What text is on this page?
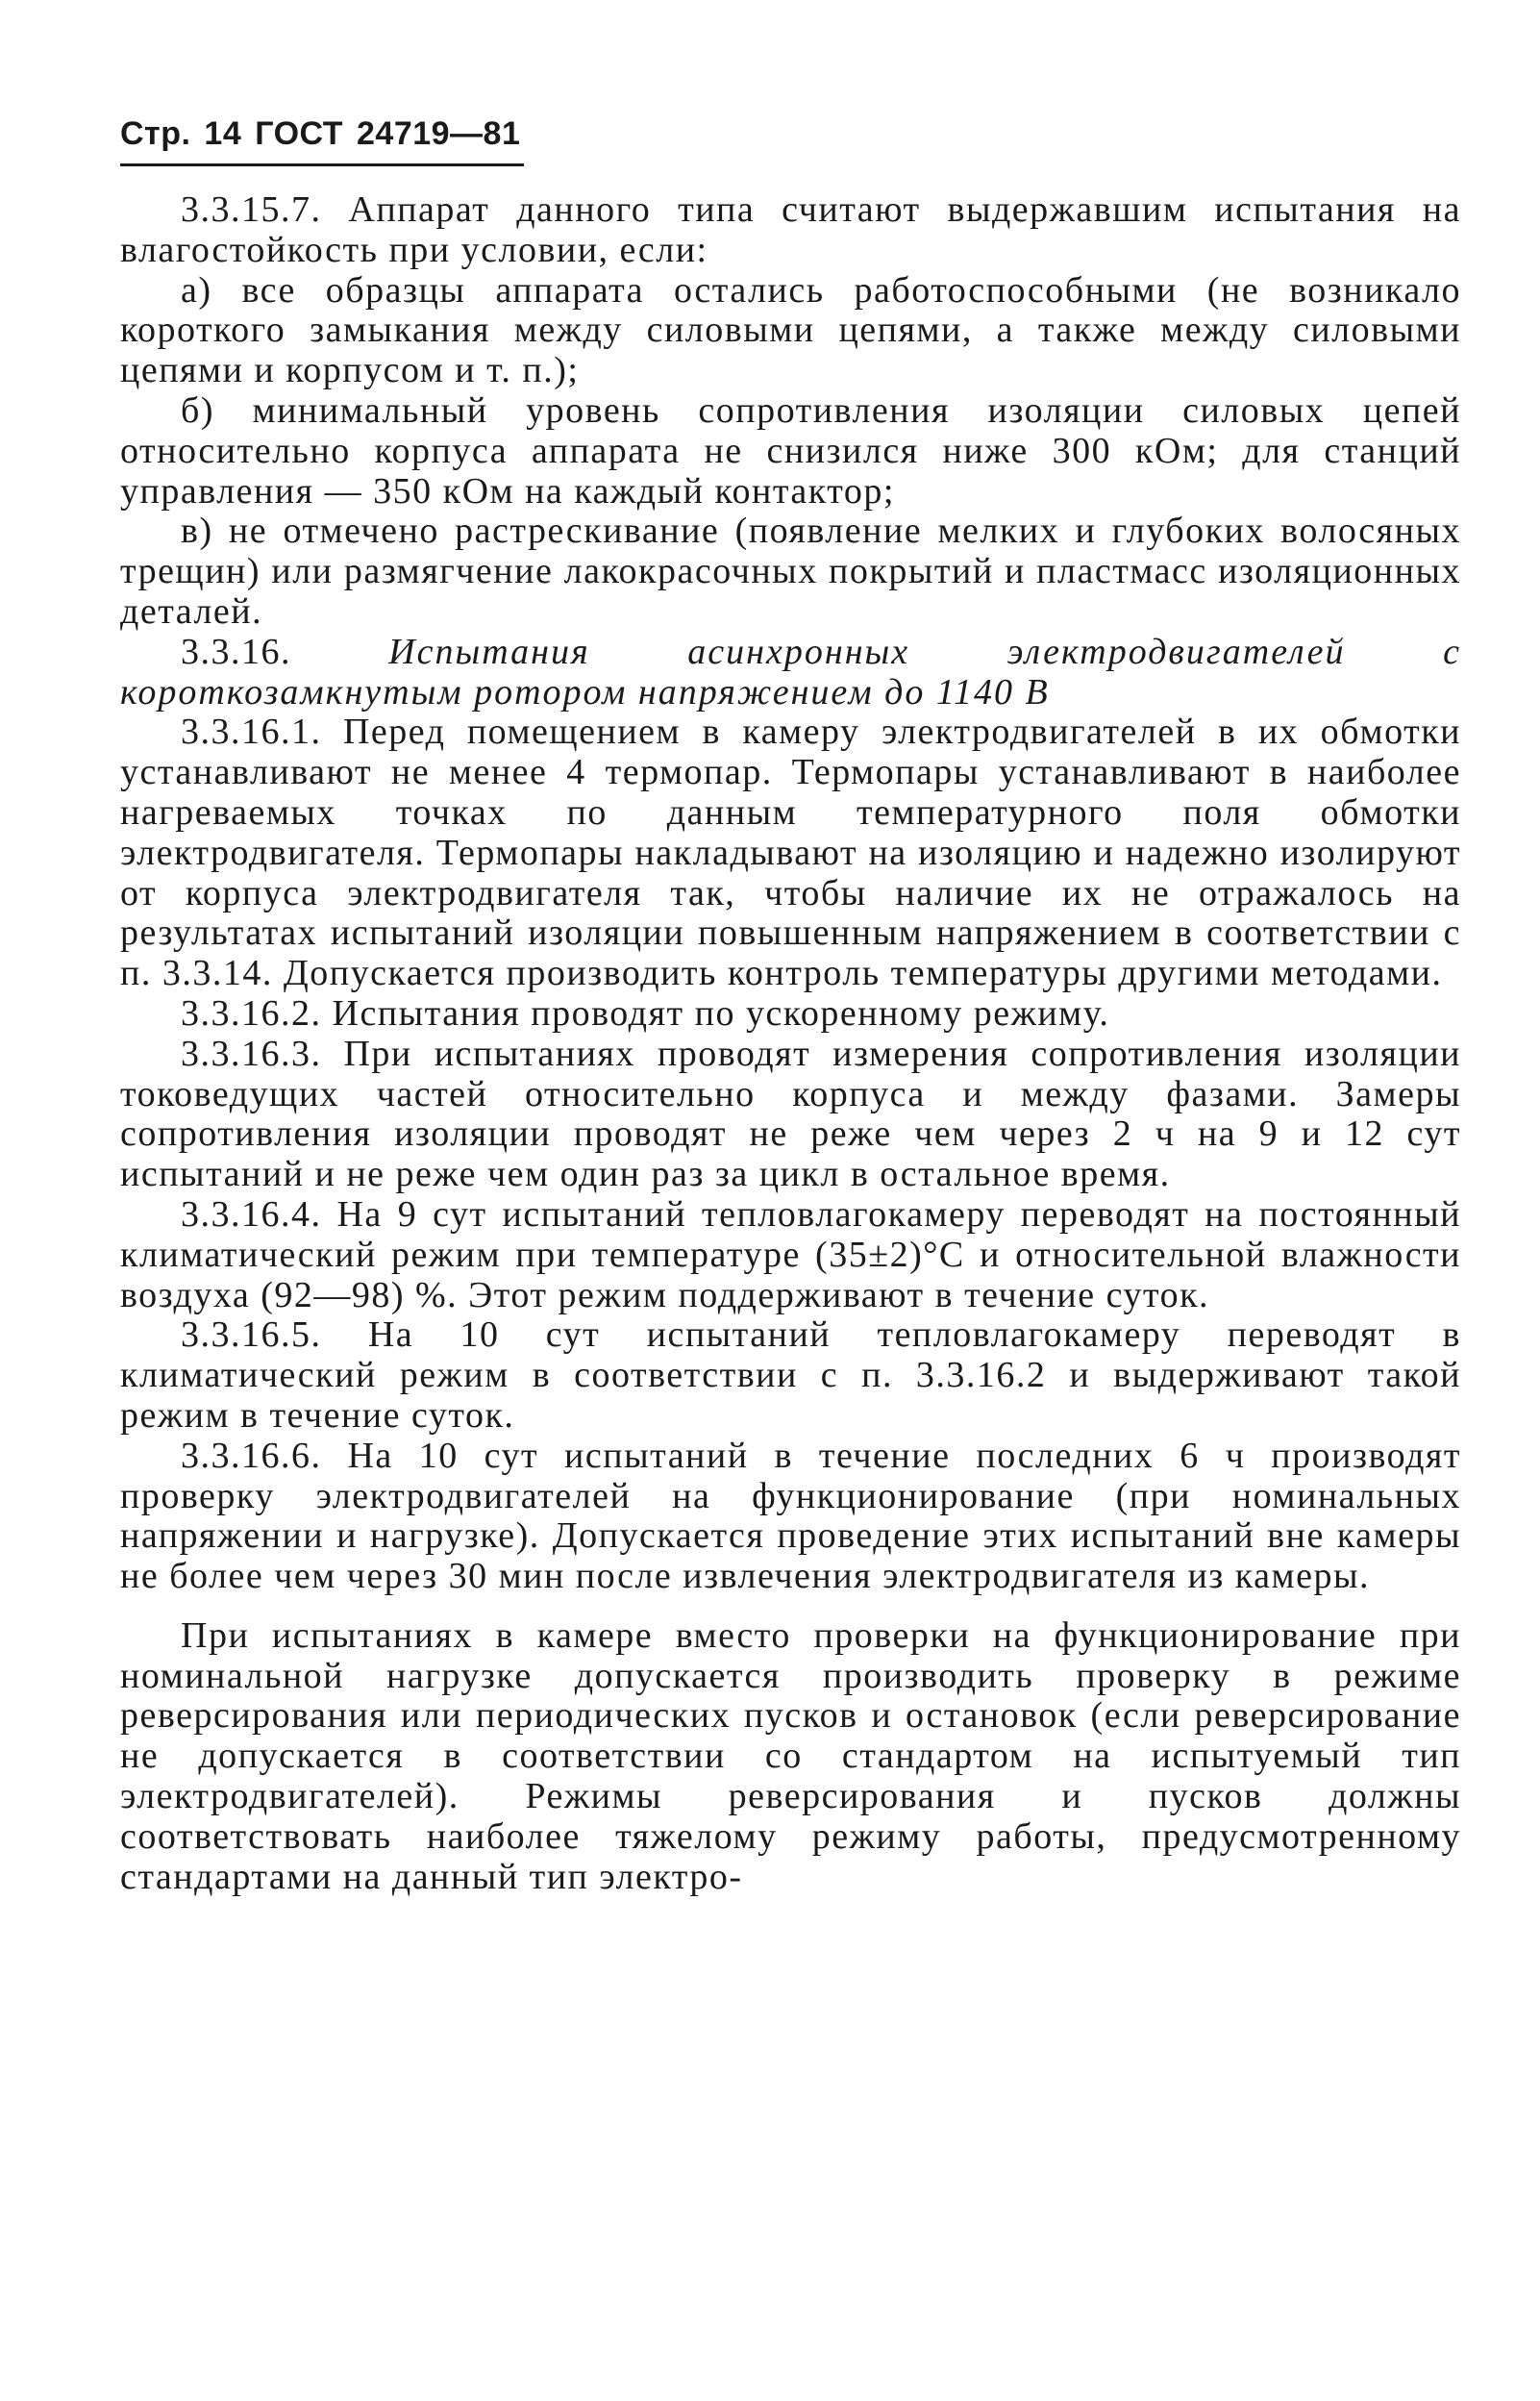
Стр. 14 ГОСТ 24719—81

3.3.15.7. Аппарат данного типа считают выдержавшим испытания на влагостойкость при условии, если:

а) все образцы аппарата остались работоспособными (не возникало короткого замыкания между силовыми цепями, а также между силовыми цепями и корпусом и т. п.);

б) минимальный уровень сопротивления изоляции силовых цепей относительно корпуса аппарата не снизился ниже 300 кОм; для станций управления — 350 кОм на каждый контактор;

в) не отмечено растрескивание (появление мелких и глубоких волосяных трещин) или размягчение лакокрасочных покрытий и пластмасс изоляционных деталей.

3.3.16.	Испытания асинхронных электродвигателей с короткозамкнутым ротором напряжением до 1140 В

3.3.16.1. Перед помещением в камеру электродвигателей в их обмотки устанавливают не менее 4 термопар. Термопары устанавливают в наиболее нагреваемых точках по данным температурного поля обмотки электродвигателя. Термопары накладывают на изоляцию и надежно изолируют от корпуса электродвигателя так, чтобы наличие их не отражалось на результатах испытаний изоляции повышенным напряжением в соответствии с п. 3.3.14. Допускается производить контроль температуры другими методами.

3.3.16.2. Испытания проводят по ускоренному режиму.

3.3.16.3. При испытаниях проводят измерения сопротивления изоляции токоведущих частей относительно корпуса и между фазами. Замеры сопротивления изоляции проводят не реже чем через 2 ч на 9 и 12 сут испытаний и не реже чем один раз за цикл в остальное время.

3.3.16.4. На 9 сут испытаний тепловлагокамеру переводят на постоянный климатический режим при температуре (35±2)°С и относительной влажности воздуха (92—98) %. Этот режим поддерживают в течение суток.

3.3.16.5. На 10 сут испытаний тепловлагокамеру переводят в климатический режим в соответствии с п. 3.3.16.2 и выдерживают такой режим в течение суток.

3.3.16.6. На 10 сут испытаний в течение последних 6 ч производят проверку электродвигателей на функционирование (при номинальных напряжении и нагрузке). Допускается проведение этих испытаний вне камеры не более чем через 30 мин после извлечения электродвигателя из камеры.

При испытаниях в камере вместо проверки на функционирование при номинальной нагрузке допускается производить проверку в режиме реверсирования или периодических пусков и остановок (если реверсирование не допускается в соответствии со стандартом на испытуемый тип электродвигателей). Режимы реверсирования и пусков должны соответствовать наиболее тяжелому режиму работы, предусмотренному стандартами на данный тип электро-
